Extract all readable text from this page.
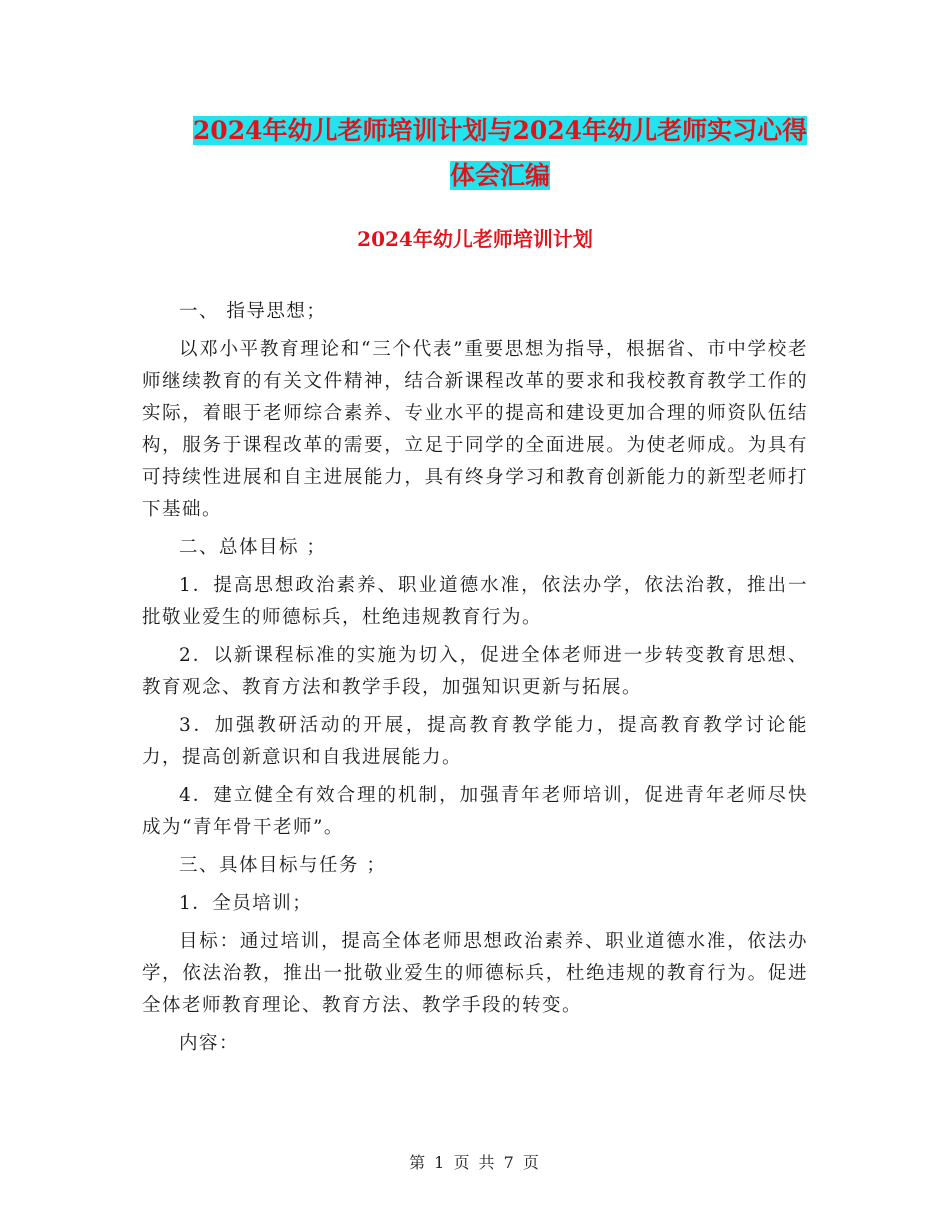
2024年幼儿老师培训计划与2024年幼儿老师实习心得
体会汇编
2024年幼儿老师培训计划

一、 指导思想；

以邓小平教育理论和“三个代表”重要思想为指导，根据省、市中学校老师继续教育的有关文件精神，结合新课程改革的要求和我校教育教学工作的实际，着眼于老师综合素养、专业水平的提高和建设更加合理的师资队伍结构，服务于课程改革的需要，立足于同学的全面进展。为使老师成。为具有可持续性进展和自主进展能力，具有终身学习和教育创新能力的新型老师打下基础。

二、总体目标 ；

1．提高思想政治素养、职业道德水准，依法办学，依法治教，推出一批敬业爱生的师德标兵，杜绝违规教育行为。

2．以新课程标准的实施为切入，促进全体老师进一步转变教育思想、教育观念、教育方法和教学手段，加强知识更新与拓展。

3．加强教研活动的开展，提高教育教学能力，提高教育教学讨论能力，提高创新意识和自我进展能力。

4．建立健全有效合理的机制，加强青年老师培训，促进青年老师尽快成为“青年骨干老师”。

三、具体目标与任务 ；

1．全员培训；

目标：通过培训，提高全体老师思想政治素养、职业道德水准，依法办学，依法治教，推出一批敬业爱生的师德标兵，杜绝违规的教育行为。促进全体老师教育理论、教育方法、教学手段的转变。

内容：

第 1 页 共 7 页
